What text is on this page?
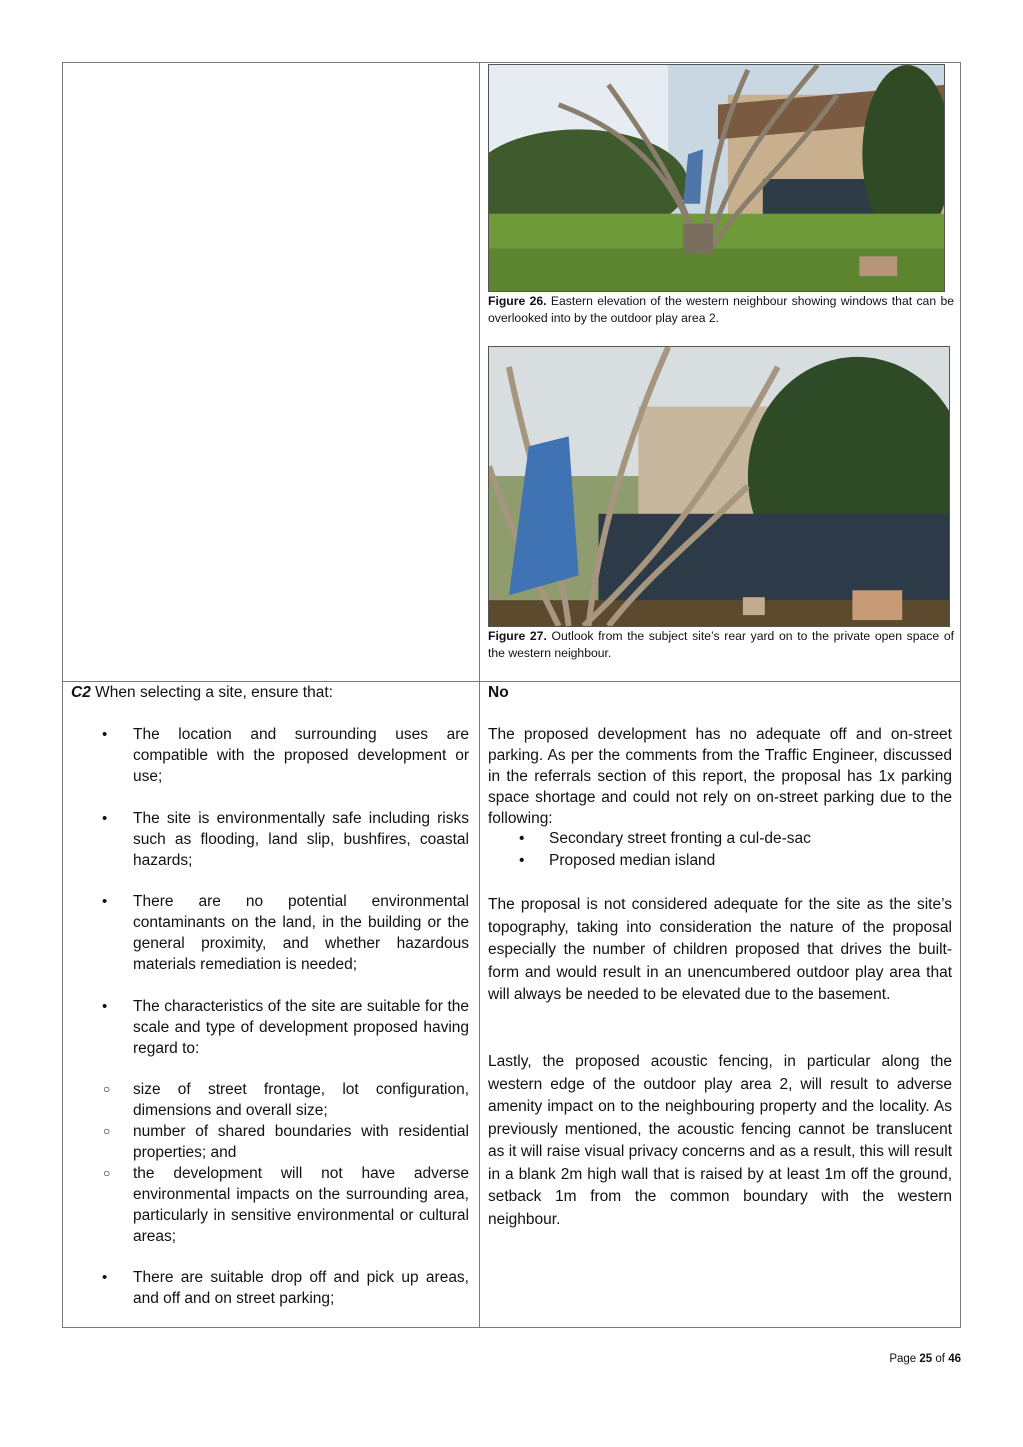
Figure 26. Eastern elevation of the western neighbour showing windows that can be overlooked into by the outdoor play area 2.
Figure 27. Outlook from the subject site’s rear yard on to the private open space of the western neighbour.
C2 When selecting a site, ensure that:
• The location and surrounding uses are compatible with the proposed development or use;
• The site is environmentally safe including risks such as flooding, land slip, bushfires, coastal hazards;
• There are no potential environmental contaminants on the land, in the building or the general proximity, and whether hazardous materials remediation is needed;
• The characteristics of the site are suitable for the scale and type of development proposed having regard to:
○ size of street frontage, lot configuration, dimensions and overall size;
○ number of shared boundaries with residential properties; and
○ the development will not have adverse environmental impacts on the surrounding area, particularly in sensitive environmental or cultural areas;
• There are suitable drop off and pick up areas, and off and on street parking;
No
The proposed development has no adequate off and on-street parking. As per the comments from the Traffic Engineer, discussed in the referrals section of this report, the proposal has 1x parking space shortage and could not rely on on-street parking due to the following:
• Secondary street fronting a cul-de-sac
• Proposed median island
The proposal is not considered adequate for the site as the site’s topography, taking into consideration the nature of the proposal especially the number of children proposed that drives the built-form and would result in an unencumbered outdoor play area that will always be needed to be elevated due to the basement.
Lastly, the proposed acoustic fencing, in particular along the western edge of the outdoor play area 2, will result to adverse amenity impact on to the neighbouring property and the locality. As previously mentioned, the acoustic fencing cannot be translucent as it will raise visual privacy concerns and as a result, this will result in a blank 2m high wall that is raised by at least 1m off the ground, setback 1m from the common boundary with the western neighbour.
Page 25 of 46
